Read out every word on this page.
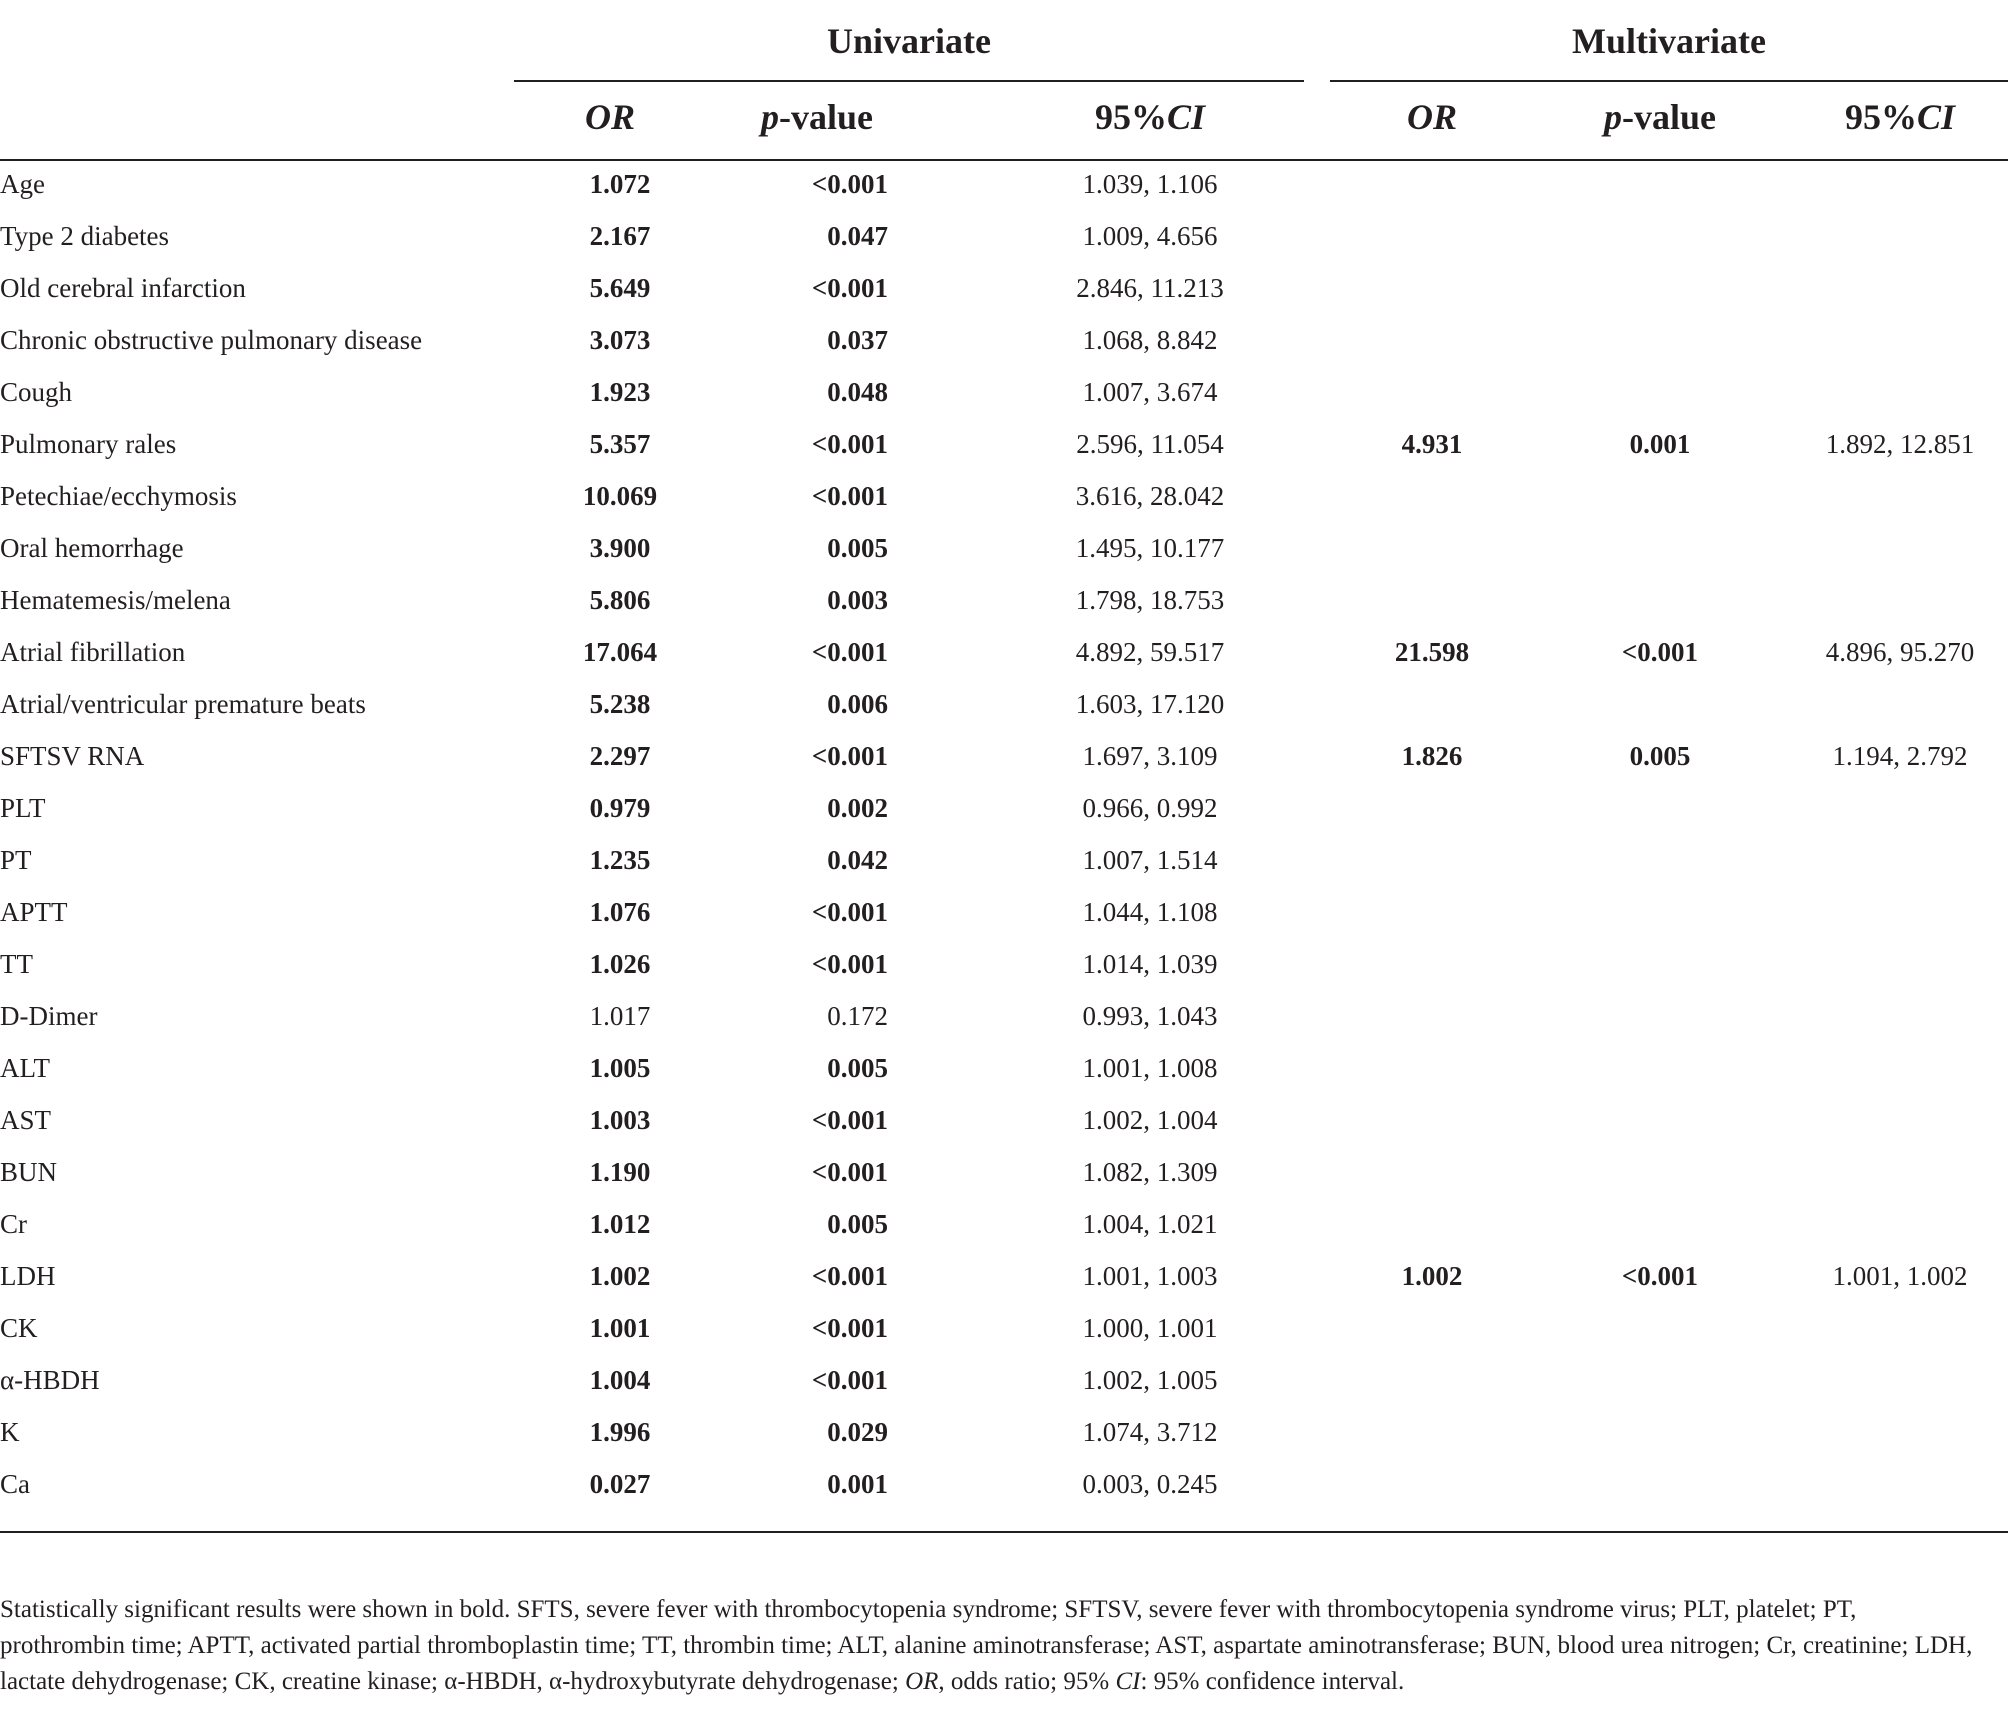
Univariate	Multivariate
OR	p-value	95%CI	OR	p-value	95%CI
Age	1.072	<0.001	1.039, 1.106
Type 2 diabetes	2.167	0.047	1.009, 4.656
Old cerebral infarction	5.649	<0.001	2.846, 11.213
Chronic obstructive pulmonary disease	3.073	0.037	1.068, 8.842
Cough	1.923	0.048	1.007, 3.674
Pulmonary rales	5.357	<0.001	2.596, 11.054	4.931	0.001	1.892, 12.851
Petechiae/ecchymosis	10.069	<0.001	3.616, 28.042
Oral hemorrhage	3.900	0.005	1.495, 10.177
Hematemesis/melena	5.806	0.003	1.798, 18.753
Atrial fibrillation	17.064	<0.001	4.892, 59.517	21.598	<0.001	4.896, 95.270
Atrial/ventricular premature beats	5.238	0.006	1.603, 17.120
SFTSV RNA	2.297	<0.001	1.697, 3.109	1.826	0.005	1.194, 2.792
PLT	0.979	0.002	0.966, 0.992
PT	1.235	0.042	1.007, 1.514
APTT	1.076	<0.001	1.044, 1.108
TT	1.026	<0.001	1.014, 1.039
D-Dimer	1.017	0.172	0.993, 1.043
ALT	1.005	0.005	1.001, 1.008
AST	1.003	<0.001	1.002, 1.004
BUN	1.190	<0.001	1.082, 1.309
Cr	1.012	0.005	1.004, 1.021
LDH	1.002	<0.001	1.001, 1.003	1.002	<0.001	1.001, 1.002
CK	1.001	<0.001	1.000, 1.001
α-HBDH	1.004	<0.001	1.002, 1.005
K	1.996	0.029	1.074, 3.712
Ca	0.027	0.001	0.003, 0.245
Statistically significant results were shown in bold. SFTS, severe fever with thrombocytopenia syndrome; SFTSV, severe fever with thrombocytopenia syndrome virus; PLT, platelet; PT, prothrombin time; APTT, activated partial thromboplastin time; TT, thrombin time; ALT, alanine aminotransferase; AST, aspartate aminotransferase; BUN, blood urea nitrogen; Cr, creatinine; LDH, lactate dehydrogenase; CK, creatine kinase; α-HBDH, α-hydroxybutyrate dehydrogenase; OR, odds ratio; 95% CI: 95% confidence interval.
